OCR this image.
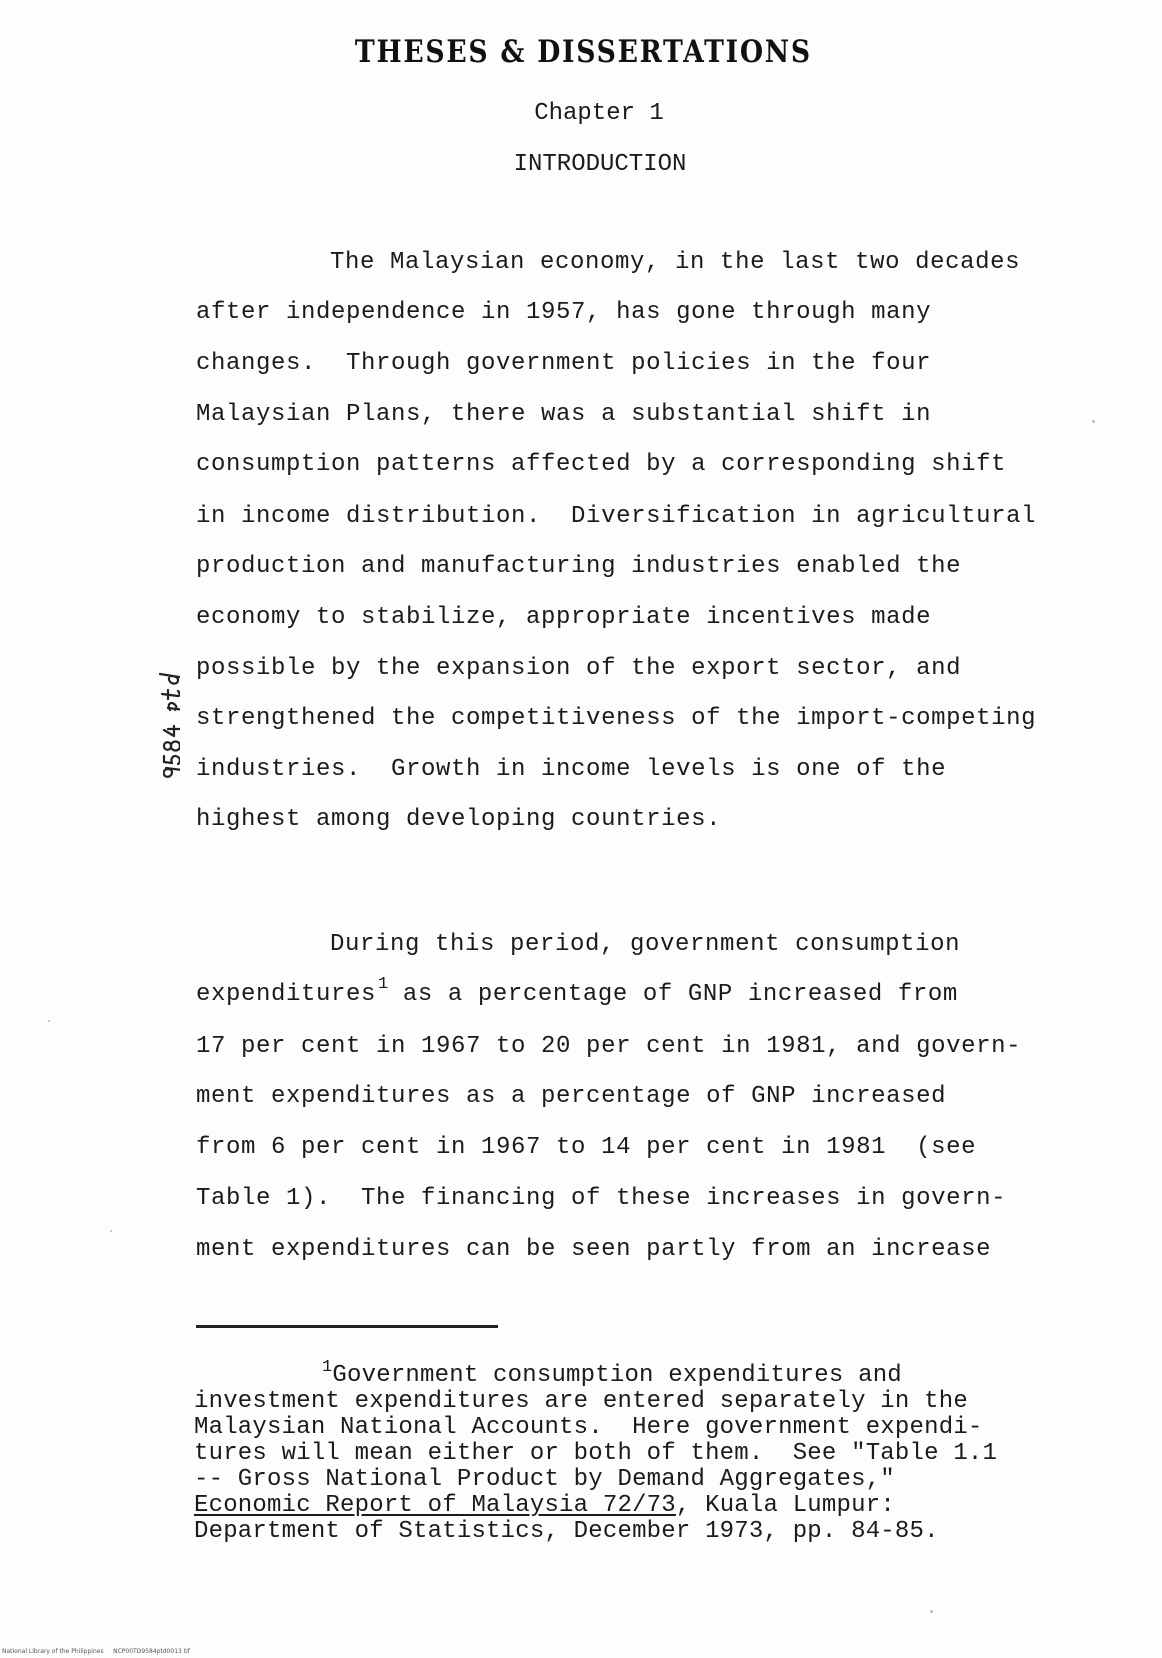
THESES & DISSERTATIONS
Chapter 1
INTRODUCTION
The Malaysian economy, in the last two decades
after independence in 1957, has gone through many
changes.  Through government policies in the four
Malaysian Plans, there was a substantial shift in
consumption patterns affected by a corresponding shift
in income distribution.  Diversification in agricultural
production and manufacturing industries enabled the
economy to stabilize, appropriate incentives made
possible by the expansion of the export sector, and
strengthened the competitiveness of the import-competing
industries.  Growth in income levels is one of the
highest among developing countries.
During this period, government consumption
expenditures $^1$ as a percentage of GNP increased from
17 per cent in 1967 to 20 per cent in 1981, and govern-
ment expenditures as a percentage of GNP increased
from 6 per cent in 1967 to 14 per cent in 1981  (see
Table 1).  The financing of these increases in govern-
ment expenditures can be seen partly from an increase
$^1$Government consumption expenditures and
investment expenditures are entered separately in the
Malaysian National Accounts.  Here government expendi-
tures will mean either or both of them.  See "Table 1.1
-- Gross National Product by Demand Aggregates,"
Economic Report of Malaysia 72/73, Kuala Lumpur:
Department of Statistics, December 1973, pp. 84-85.
National Library of the Philippines     NCP00TD9584ptd0013 tif
